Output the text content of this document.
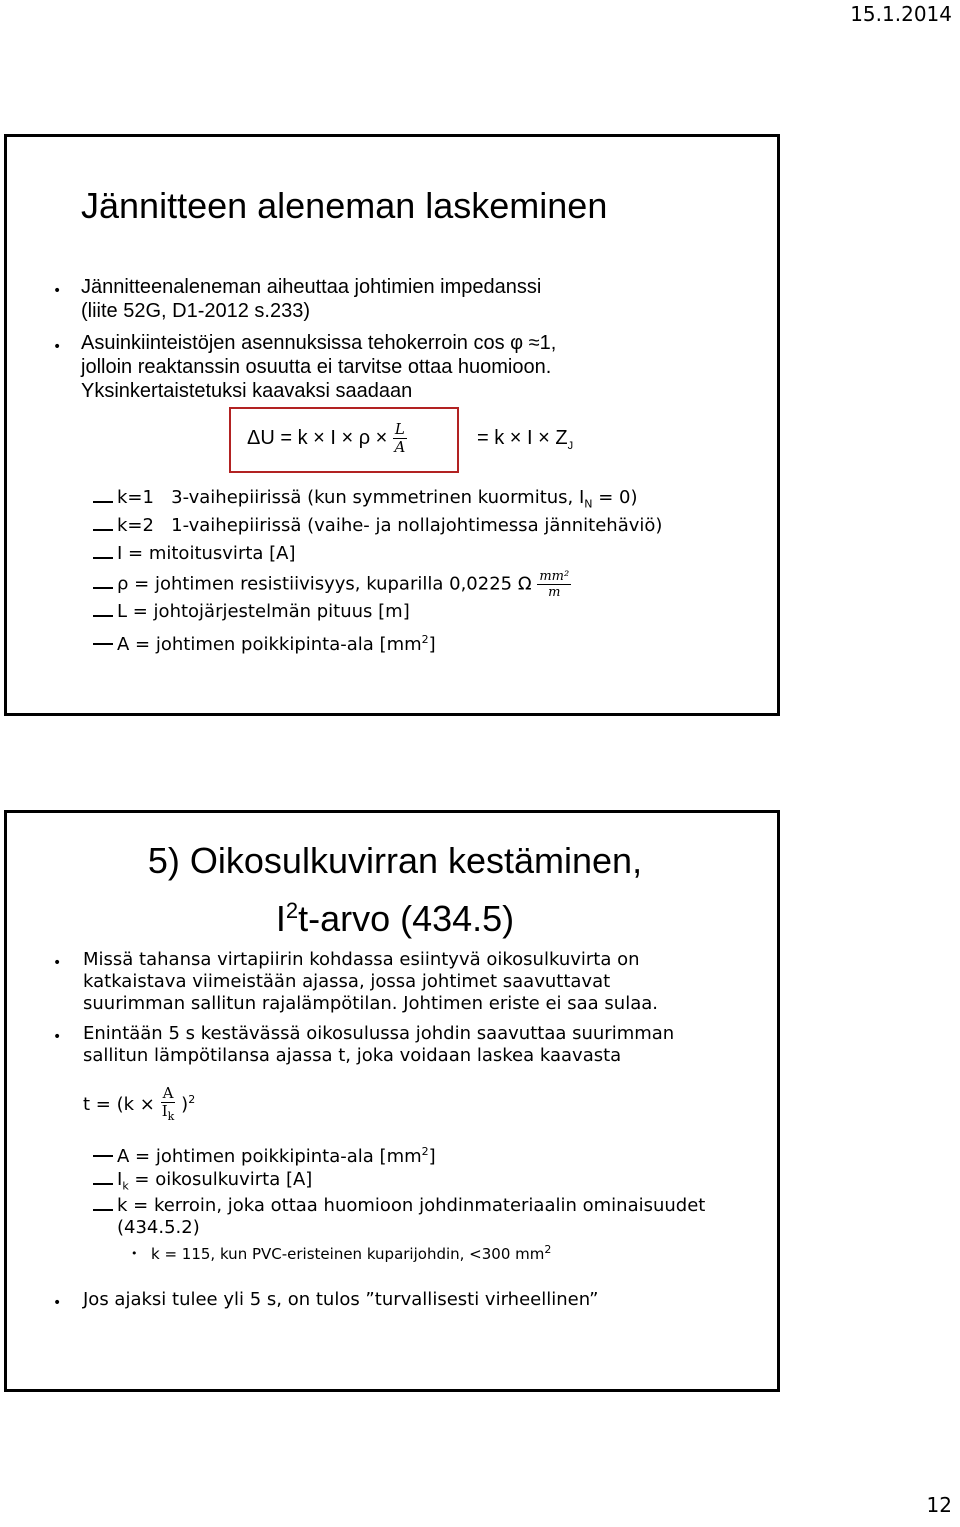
15.1.2014
Jännitteen aleneman laskeminen
• Jännitteenaleneman aiheuttaa johtimien impedanssi
(liite 52G, D1-2012 s.233)
• Asuinkiinteistöjen asennuksissa tehokerroin cos φ ≈1,
jolloin reaktanssin osuutta ei tarvitse ottaa huomioon.
Yksinkertaistetuksi kaavaksi saadaan
$\Delta U = k \times I \times \rho \times \frac{L}{A}$	= $k \times I \times Z_J$
k=1 3-vaihepiirissä (kun symmetrinen kuormitus, $I_N = 0$)
k=2 1-vaihepiirissä (vaihe- ja nollajohtimessa jännitehäviö)
I = mitoitusvirta [A]
ρ = johtimen resistiivisyys, kuparilla 0,0225 Ω $\frac{\text{mm²}}{m}$
L = johtojärjestelmän pituus [m]
A = johtimen poikkipinta-ala $[mm^2]$
5) Oikosulkuvirran kestäminen,
$I^2t$-arvo (434.5)
• Missä tahansa virtapiirin kohdassa esiintyvä oikosulkuvirta on
katkaistava viimeistään ajassa, jossa johtimet saavuttavat
suurimman sallitun rajalämpötilan. Johtimen eriste ei saa sulaa.
• Enintään 5 s kestävässä oikosulussa johdin saavuttaa suurimman
sallitun lämpötilansa ajassa t, joka voidaan laskea kaavasta
$t = (k \times \frac{A}{I_k} )^2$
A = johtimen poikkipinta-ala $[mm^2]$
$I_k$ = oikosulkuvirta [A]
k = kerroin, joka ottaa huomioon johdinmateriaalin ominaisuudet
(434.5.2)
• k = 115, kun PVC-eristeinen kuparijohdin, <300 $mm^2$
• Jos ajaksi tulee yli 5 s, on tulos ”turvallisesti virheellinen”
12
